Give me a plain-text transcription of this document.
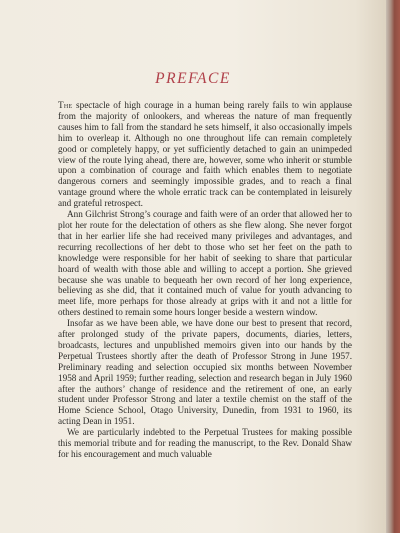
PREFACE

The spectacle of high courage in a human being rarely fails to win applause from the majority of onlookers, and whereas the nature of man frequently causes him to fall from the standard he sets himself, it also occasionally impels him to overleap it. Although no one throughout life can remain completely good or completely happy, or yet sufficiently detached to gain an unimpeded view of the route lying ahead, there are, however, some who inherit or stumble upon a combination of courage and faith which enables them to negotiate dangerous corners and seemingly impossible grades, and to reach a final vantage ground where the whole erratic track can be contemplated in leisurely and grateful retrospect.

Ann Gilchrist Strong’s courage and faith were of an order that allowed her to plot her route for the delectation of others as she flew along. She never forgot that in her earlier life she had received many privileges and advantages, and recurring recollections of her debt to those who set her feet on the path to knowledge were responsible for her habit of seeking to share that particular hoard of wealth with those able and willing to accept a portion. She grieved because she was unable to bequeath her own record of her long experience, believing as she did, that it contained much of value for youth advancing to meet life, more perhaps for those already at grips with it and not a little for others destined to remain some hours longer beside a western window.

Insofar as we have been able, we have done our best to present that record, after prolonged study of the private papers, documents, diaries, letters, broadcasts, lectures and unpublished memoirs given into our hands by the Perpetual Trustees shortly after the death of Professor Strong in June 1957. Preliminary reading and selection occupied six months between November 1958 and April 1959; further reading, selection and research began in July 1960 after the authors’ change of residence and the retirement of one, an early student under Professor Strong and later a textile chemist on the staff of the Home Science School, Otago University, Dunedin, from 1931 to 1960, its acting Dean in 1951.

We are particularly indebted to the Perpetual Trustees for making possible this memorial tribute and for reading the manuscript, to the Rev. Donald Shaw for his encouragement and much valuable
